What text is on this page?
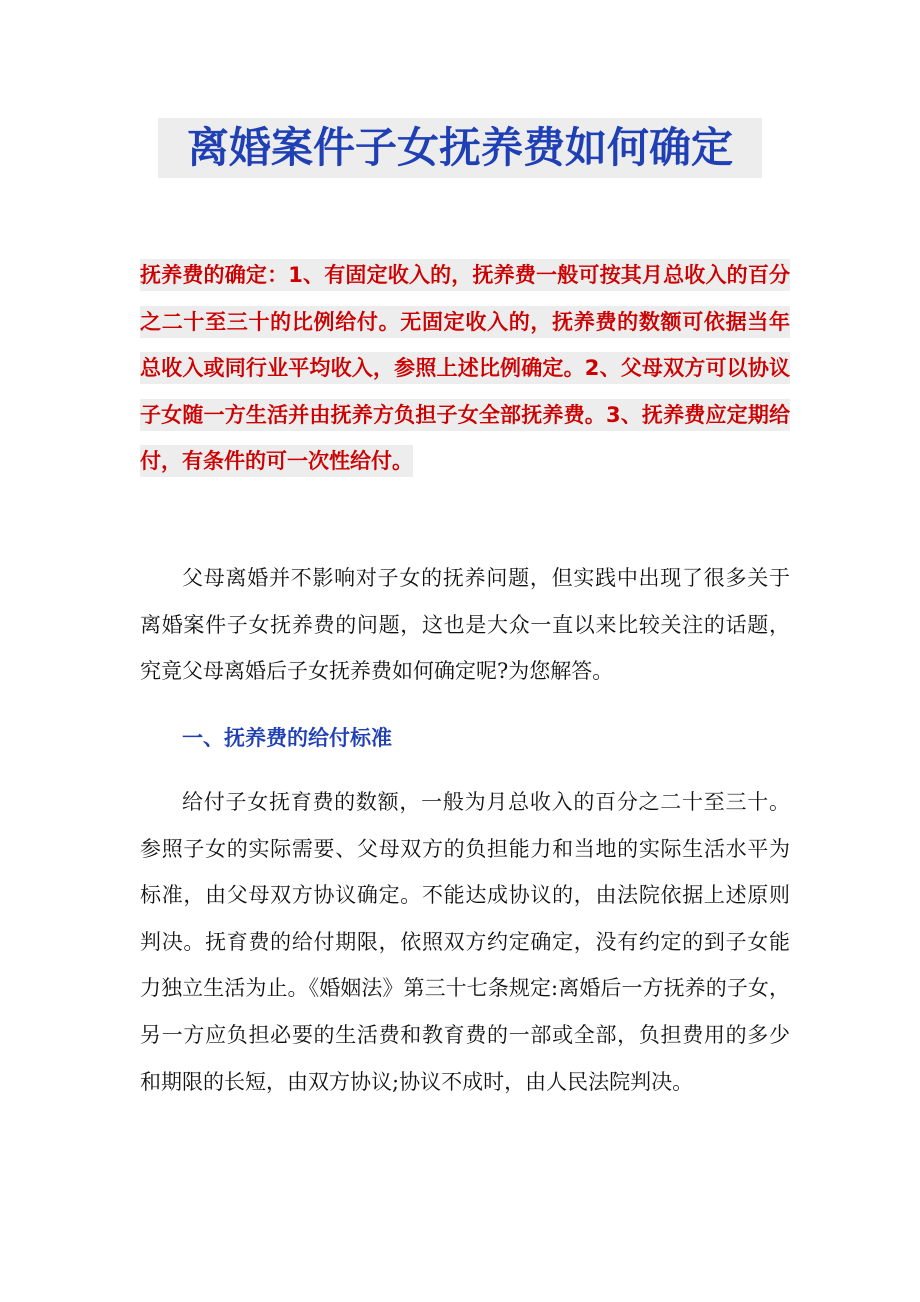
离婚案件子女抚养费如何确定

抚养费的确定：1、有固定收入的，抚养费一般可按其月总收入的百分之二十至三十的比例给付。无固定收入的，抚养费的数额可依据当年总收入或同行业平均收入，参照上述比例确定。2、父母双方可以协议子女随一方生活并由抚养方负担子女全部抚养费。3、抚养费应定期给付，有条件的可一次性给付。

父母离婚并不影响对子女的抚养问题，但实践中出现了很多关于离婚案件子女抚养费的问题，这也是大众一直以来比较关注的话题，究竟父母离婚后子女抚养费如何确定呢?为您解答。

一、抚养费的给付标准

给付子女抚育费的数额，一般为月总收入的百分之二十至三十。参照子女的实际需要、父母双方的负担能力和当地的实际生活水平为标准，由父母双方协议确定。不能达成协议的，由法院依据上述原则判决。抚育费的给付期限，依照双方约定确定，没有约定的到子女能力独立生活为止。《婚姻法》第三十七条规定:离婚后一方抚养的子女，另一方应负担必要的生活费和教育费的一部或全部，负担费用的多少和期限的长短，由双方协议;协议不成时，由人民法院判决。
